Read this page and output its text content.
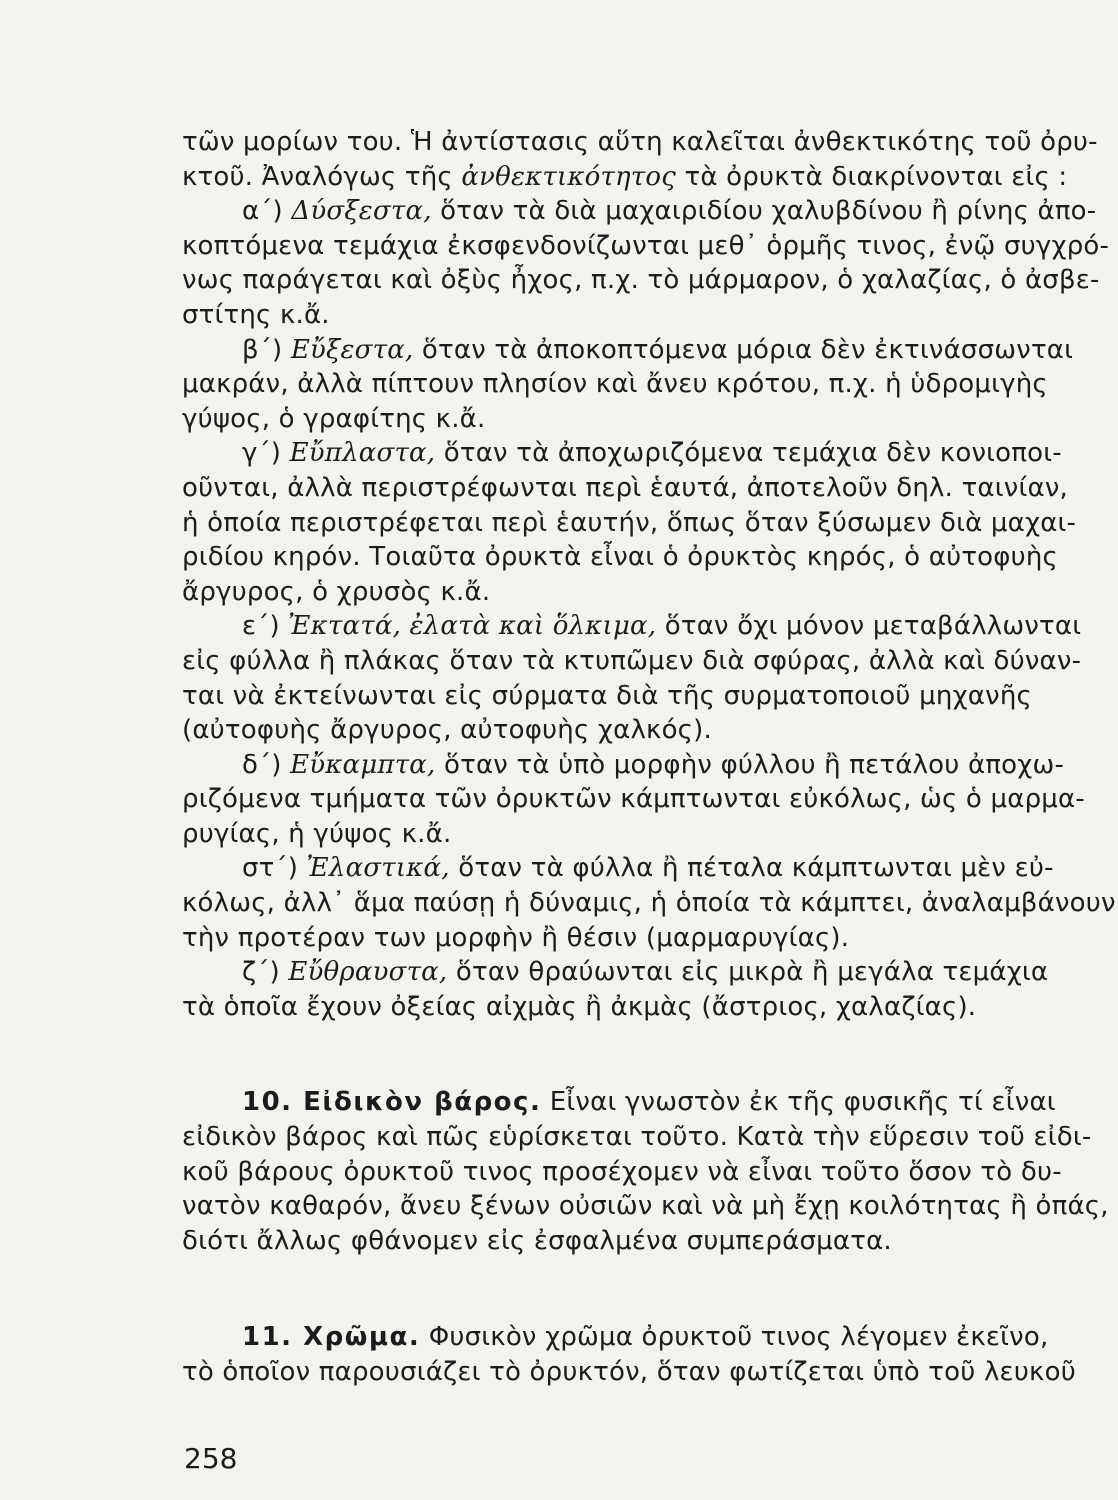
τῶν μορίων του. Ἡ ἀντίστασις αὕτη καλεῖται ἀνθεκτικότης τοῦ ὀρυ-
κτοῦ. Ἀναλόγως τῆς ἀνθεκτικότητος τὰ ὀρυκτὰ διακρίνονται εἰς :
α΄) Δύσξεστα, ὅταν τὰ διὰ μαχαιριδίου χαλυβδίνου ἢ ρίνης ἀπο-
κοπτόμενα τεμάχια ἐκσφενδονίζωνται μεθ᾽ ὁρμῆς τινος, ἐνῷ συγχρό-
νως παράγεται καὶ ὀξὺς ἦχος, π.χ. τὸ μάρμαρον, ὁ χαλαζίας, ὁ ἀσβε-
στίτης κ.ἄ.
β΄) Εὔξεστα, ὅταν τὰ ἀποκοπτόμενα μόρια δὲν ἐκτινάσσωνται
μακράν, ἀλλὰ πίπτουν πλησίον καὶ ἄνευ κρότου, π.χ. ἡ ὑδρομιγὴς
γύψος, ὁ γραφίτης κ.ἄ.
γ΄) Εὔπλαστα, ὅταν τὰ ἀποχωριζόμενα τεμάχια δὲν κονιοποι-
οῦνται, ἀλλὰ περιστρέφωνται περὶ ἑαυτά, ἀποτελοῦν δηλ. ταινίαν,
ἡ ὁποία περιστρέφεται περὶ ἑαυτήν, ὅπως ὅταν ξύσωμεν διὰ μαχαι-
ριδίου κηρόν. Τοιαῦτα ὀρυκτὰ εἶναι ὁ ὀρυκτὸς κηρός, ὁ αὐτοφυὴς
ἄργυρος, ὁ χρυσὸς κ.ἄ.
ε΄) Ἐκτατά, ἐλατὰ καὶ ὅλκιμα, ὅταν ὄχι μόνον μεταβάλλωνται
εἰς φύλλα ἢ πλάκας ὅταν τὰ κτυπῶμεν διὰ σφύρας, ἀλλὰ καὶ δύναν-
ται νὰ ἐκτείνωνται εἰς σύρματα διὰ τῆς συρματοποιοῦ μηχανῆς
(αὐτοφυὴς ἄργυρος, αὐτοφυὴς χαλκός).
δ΄) Εὔκαμπτα, ὅταν τὰ ὑπὸ μορφὴν φύλλου ἢ πετάλου ἀποχω-
ριζόμενα τμήματα τῶν ὀρυκτῶν κάμπτωνται εὐκόλως, ὡς ὁ μαρμα-
ρυγίας, ἡ γύψος κ.ἄ.
στ΄) Ἐλαστικά, ὅταν τὰ φύλλα ἢ πέταλα κάμπτωνται μὲν εὐ-
κόλως, ἀλλ᾽ ἅμα παύσῃ ἡ δύναμις, ἡ ὁποία τὰ κάμπτει, ἀναλαμβάνουν
τὴν προτέραν των μορφὴν ἢ θέσιν (μαρμαρυγίας).
ζ΄) Εὔθραυστα, ὅταν θραύωνται εἰς μικρὰ ἢ μεγάλα τεμάχια
τὰ ὁποῖα ἔχουν ὀξείας αἰχμὰς ἢ ἀκμὰς (ἄστριος, χαλαζίας).
10. Εἰδικὸν βάρος. Εἶναι γνωστὸν ἐκ τῆς φυσικῆς τί εἶναι
εἰδικὸν βάρος καὶ πῶς εὑρίσκεται τοῦτο. Κατὰ τὴν εὕρεσιν τοῦ εἰδι-
κοῦ βάρους ὀρυκτοῦ τινος προσέχομεν νὰ εἶναι τοῦτο ὅσον τὸ δυ-
νατὸν καθαρόν, ἄνευ ξένων οὐσιῶν καὶ νὰ μὴ ἔχῃ κοιλότητας ἢ ὀπάς,
διότι ἄλλως φθάνομεν εἰς ἐσφαλμένα συμπεράσματα.
11. Χρῶμα. Φυσικὸν χρῶμα ὀρυκτοῦ τινος λέγομεν ἐκεῖνο,
τὸ ὁποῖον παρουσιάζει τὸ ὀρυκτόν, ὅταν φωτίζεται ὑπὸ τοῦ λευκοῦ
258
